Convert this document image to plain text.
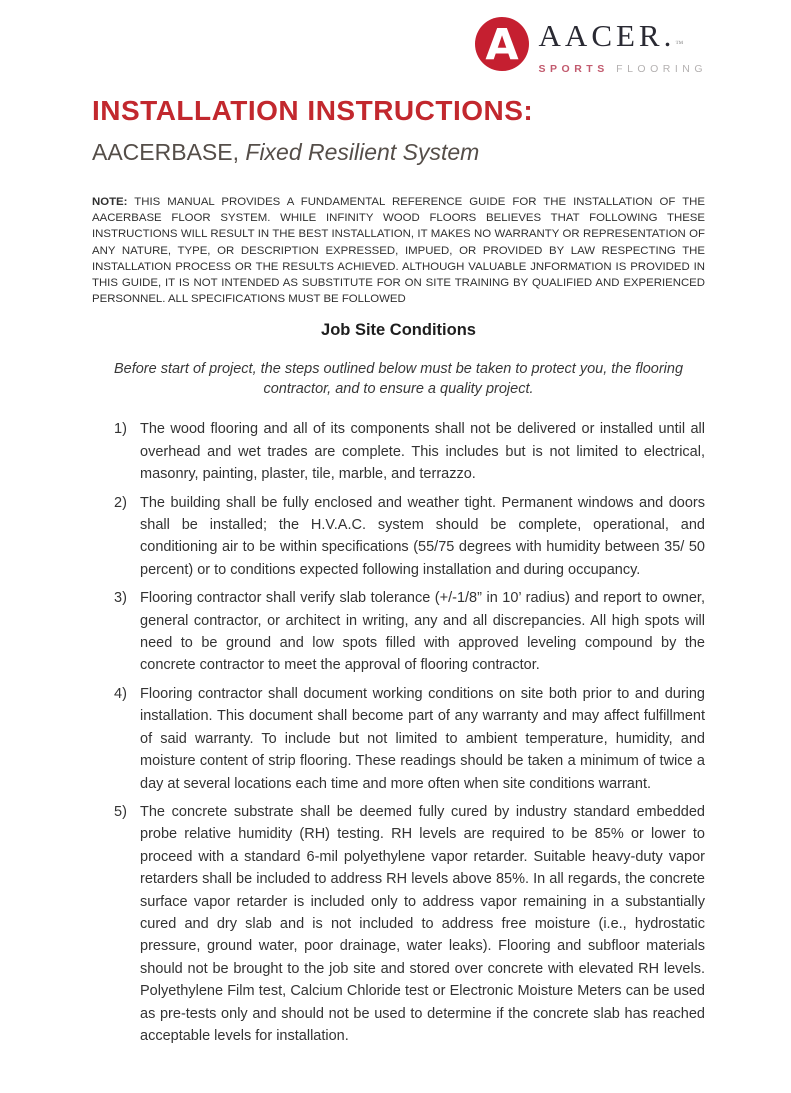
A AACER.™
SPORTS FLOORING
INSTALLATION INSTRUCTIONS:
AACERBASE, Fixed Resilient System

NOTE: THIS MANUAL PROVIDES A FUNDAMENTAL REFERENCE GUIDE FOR THE INSTALLATION OF THE AACERBASE FLOOR SYSTEM. WHILE INFINITY WOOD FLOORS BELIEVES THAT FOLLOWING THESE INSTRUCTIONS WILL RESULT IN THE BEST INSTALLATION, IT MAKES NO WARRANTY OR REPRESENTATION OF ANY NATURE, TYPE, OR DESCRIPTION EXPRESSED, IMPUED, OR PROVIDED BY LAW RESPECTING THE INSTALLATION PROCESS OR THE RESULTS ACHIEVED. ALTHOUGH VALUABLE JNFORMATION IS PROVIDED IN THIS GUIDE, IT IS NOT INTENDED AS SUBSTITUTE FOR ON SITE TRAINING BY QUALIFIED AND EXPERIENCED PERSONNEL. ALL SPECIFICATIONS MUST BE FOLLOWED

Job Site Conditions

Before start of project, the steps outlined below must be taken to protect you, the flooring contractor, and to ensure a quality project.

1) The wood flooring and all of its components shall not be delivered or installed until all overhead and wet trades are complete. This includes but is not limited to electrical, masonry, painting, plaster, tile, marble, and terrazzo.
2) The building shall be fully enclosed and weather tight. Permanent windows and doors shall be installed; the H.V.A.C. system should be complete, operational, and conditioning air to be within specifications (55/75 degrees with humidity between 35/ 50 percent) or to conditions expected following installation and during occupancy.
3) Flooring contractor shall verify slab tolerance (+/-1/8” in 10’ radius) and report to owner, general contractor, or architect in writing, any and all discrepancies. All high spots will need to be ground and low spots filled with approved leveling compound by the concrete contractor to meet the approval of flooring contractor.
4) Flooring contractor shall document working conditions on site both prior to and during installation. This document shall become part of any warranty and may affect fulfillment of said warranty. To include but not limited to ambient temperature, humidity, and moisture content of strip flooring. These readings should be taken a minimum of twice a day at several locations each time and more often when site conditions warrant.
5) The concrete substrate shall be deemed fully cured by industry standard embedded probe relative humidity (RH) testing. RH levels are required to be 85% or lower to proceed with a standard 6-mil polyethylene vapor retarder. Suitable heavy-duty vapor retarders shall be included to address RH levels above 85%. In all regards, the concrete surface vapor retarder is included only to address vapor remaining in a substantially cured and dry slab and is not included to address free moisture (i.e., hydrostatic pressure, ground water, poor drainage, water leaks). Flooring and subfloor materials should not be brought to the job site and stored over concrete with elevated RH levels. Polyethylene Film test, Calcium Chloride test or Electronic Moisture Meters can be used as pre-tests only and should not be used to determine if the concrete slab has reached acceptable levels for installation.
